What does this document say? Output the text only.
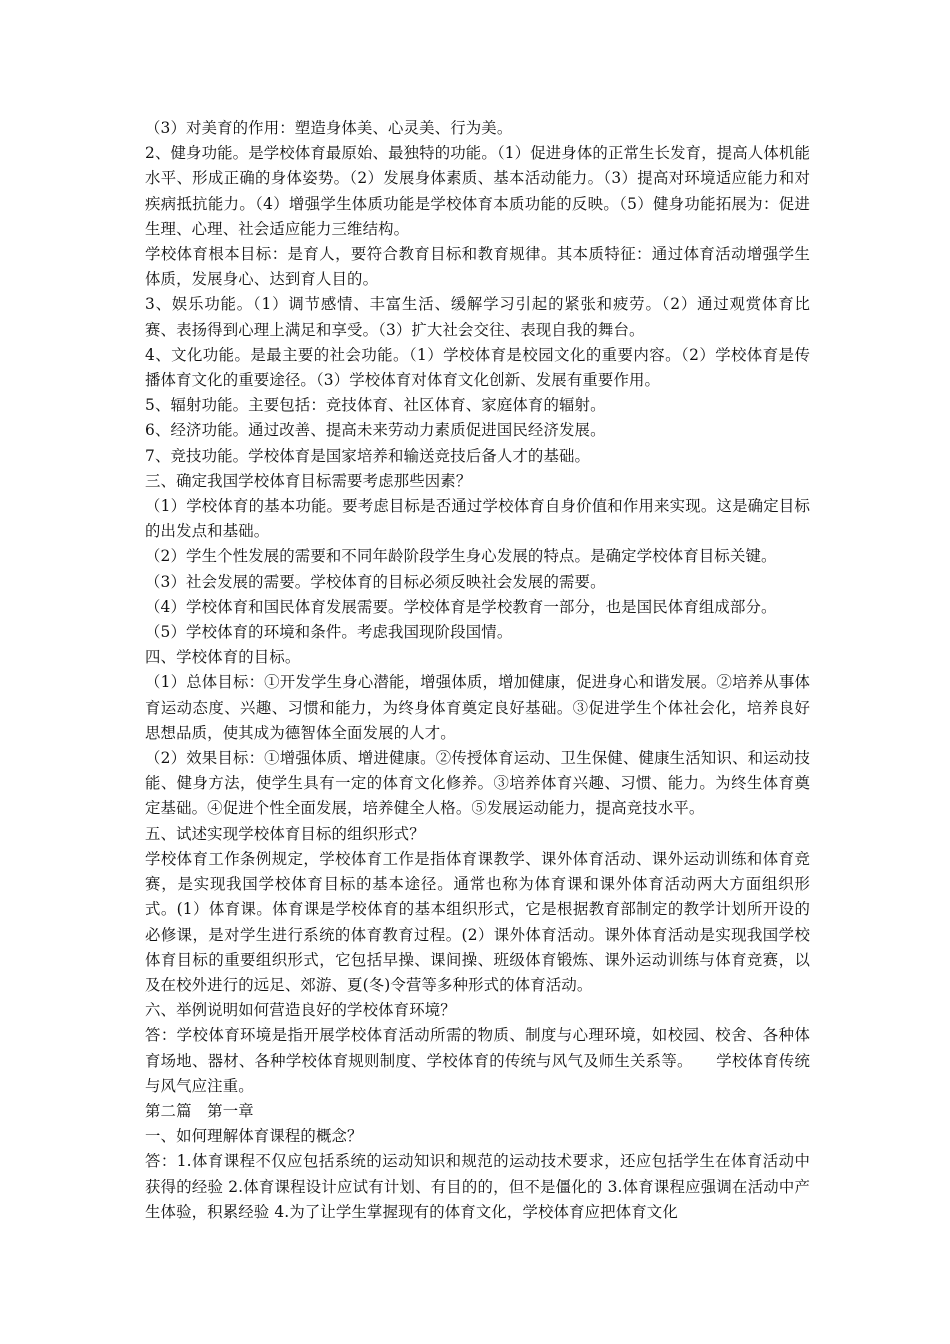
（3）对美育的作用：塑造身体美、心灵美、行为美。

2、健身功能。是学校体育最原始、最独特的功能。（1）促进身体的正常生长发育，提高人体机能水平、形成正确的身体姿势。（2）发展身体素质、基本活动能力。（3）提高对环境适应能力和对疾病抵抗能力。（4）增强学生体质功能是学校体育本质功能的反映。（5）健身功能拓展为：促进生理、心理、社会适应能力三维结构。

学校体育根本目标：是育人，要符合教育目标和教育规律。其本质特征：通过体育活动增强学生体质，发展身心、达到育人目的。

3、娱乐功能。（1）调节感情、丰富生活、缓解学习引起的紧张和疲劳。（2）通过观赏体育比赛、表扬得到心理上满足和享受。（3）扩大社会交往、表现自我的舞台。

4、文化功能。是最主要的社会功能。（1）学校体育是校园文化的重要内容。（2）学校体育是传播体育文化的重要途径。（3）学校体育对体育文化创新、发展有重要作用。

5、辐射功能。主要包括：竞技体育、社区体育、家庭体育的辐射。

6、经济功能。通过改善、提高未来劳动力素质促进国民经济发展。

7、竞技功能。学校体育是国家培养和输送竞技后备人才的基础。

三、确定我国学校体育目标需要考虑那些因素？

（1）学校体育的基本功能。要考虑目标是否通过学校体育自身价值和作用来实现。这是确定目标的出发点和基础。

（2）学生个性发展的需要和不同年龄阶段学生身心发展的特点。是确定学校体育目标关键。

（3）社会发展的需要。学校体育的目标必须反映社会发展的需要。

（4）学校体育和国民体育发展需要。学校体育是学校教育一部分，也是国民体育组成部分。

（5）学校体育的环境和条件。考虑我国现阶段国情。

四、学校体育的目标。

（1）总体目标：①开发学生身心潜能，增强体质，增加健康，促进身心和谐发展。②培养从事体育运动态度、兴趣、习惯和能力，为终身体育奠定良好基础。③促进学生个体社会化，培养良好思想品质，使其成为德智体全面发展的人才。

（2）效果目标：①增强体质、增进健康。②传授体育运动、卫生保健、健康生活知识、和运动技能、健身方法，使学生具有一定的体育文化修养。③培养体育兴趣、习惯、能力。为终生体育奠定基础。④促进个性全面发展，培养健全人格。⑤发展运动能力，提高竞技水平。

五、试述实现学校体育目标的组织形式？

学校体育工作条例规定，学校体育工作是指体育课教学、课外体育活动、课外运动训练和体育竞赛，是实现我国学校体育目标的基本途径。通常也称为体育课和课外体育活动两大方面组织形式。(1）体育课。体育课是学校体育的基本组织形式，它是根据教育部制定的教学计划所开设的必修课，是对学生进行系统的体育教育过程。(2）课外体育活动。课外体育活动是实现我国学校体育目标的重要组织形式，它包括早操、课间操、班级体育锻炼、课外运动训练与体育竞赛，以及在校外进行的远足、郊游、夏(冬)令营等多种形式的体育活动。

六、举例说明如何营造良好的学校体育环境？

答：学校体育环境是指开展学校体育活动所需的物质、制度与心理环境，如校园、校舍、各种体育场地、器材、各种学校体育规则制度、学校体育的传统与风气及师生关系等。　　学校体育传统与风气应注重。

第二篇　第一章

一、如何理解体育课程的概念？

答：1.体育课程不仅应包括系统的运动知识和规范的运动技术要求，还应包括学生在体育活动中获得的经验 2.体育课程设计应试有计划、有目的的，但不是僵化的 3.体育课程应强调在活动中产生体验，积累经验 4.为了让学生掌握现有的体育文化，学校体育应把体育文化
